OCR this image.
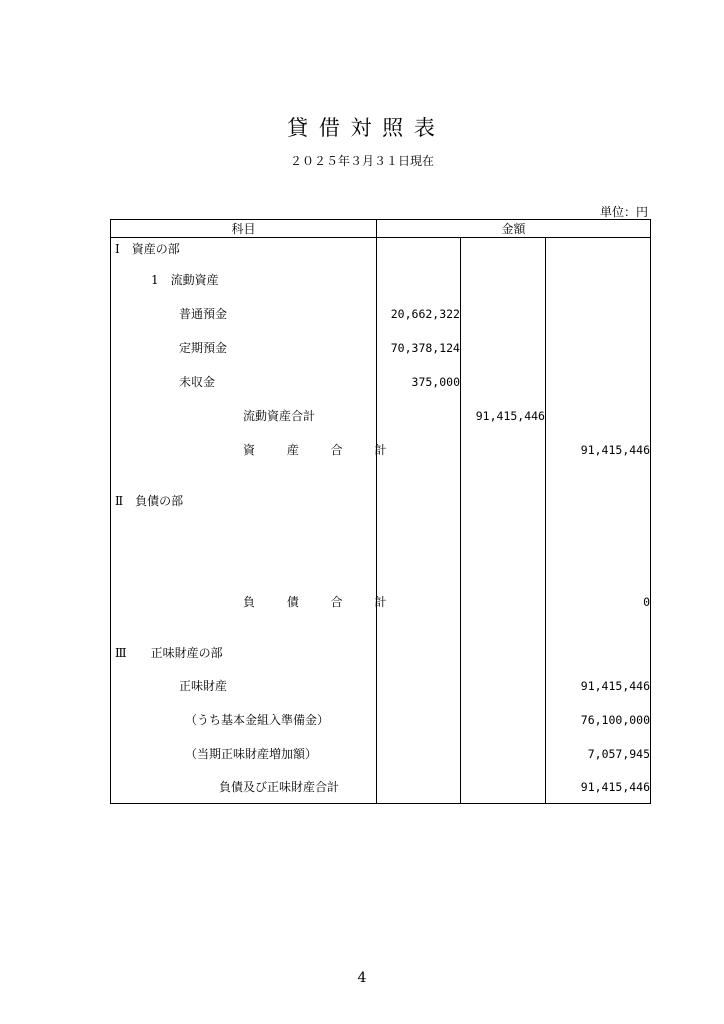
貸 借 対 照 表
２０２５年３月３１日現在
単位：円
科目	金額		
Ⅰ　資産の部			
1　流動資産			
普通預金	20,662,322		
定期預金	70,378,124		
未収金	375,000		
流動資産合計		91,415,446	
資 産 合 計			91,415,446
Ⅱ　負債の部			

負 債 合 計			0
Ⅲ　　正味財産の部			
正味財産			91,415,446
（うち基本金組入準備金）			76,100,000
（当期正味財産増加額）			7,057,945
負債及び正味財産合計			91,415,446
4
